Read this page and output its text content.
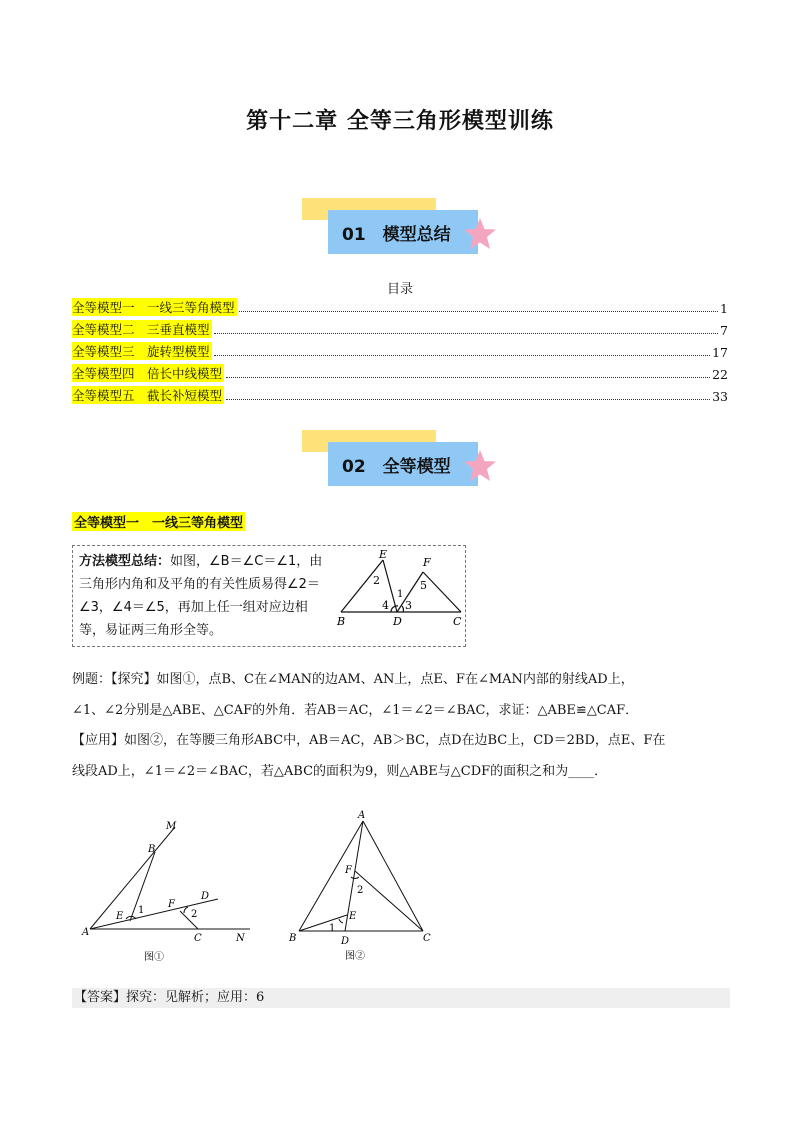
第十二章 全等三角形模型训练
01　模型总结
目录
全等模型一　一线三等角模型	1
全等模型二　三垂直模型	7
全等模型三　旋转型模型	17
全等模型四　倍长中线模型	22
全等模型五　截长补短模型	33
02　全等模型
全等模型一　一线三等角模型
方法模型总结：如图，∠B＝∠C＝∠1，由三角形内角和及平角的有关性质易得∠2＝∠3，∠4＝∠5，再加上任一组对应边相等，易证两三角形全等。
E
F
2
1
5
4 3
B	D	C
例题：【探究】如图①，点B、C在∠MAN的边AM、AN上，点E、F在∠MAN内部的射线AD上，
∠1、∠2分别是△ABE、△CAF的外角．若AB＝AC，∠1＝∠2＝∠BAC，求证：△ABE≌△CAF．
【应用】如图②，在等腰三角形ABC中，AB＝AC，AB＞BC，点D在边BC上，CD＝2BD，点E、F在
线段AD上，∠1＝∠2＝∠BAC，若△ABC的面积为9，则△ABE与△CDF的面积之和为____．
M
B
D
F
E
1	2
A
C	N
图①
A
F
2
E
1
B	D	C
图②
【答案】探究：见解析；应用：6
